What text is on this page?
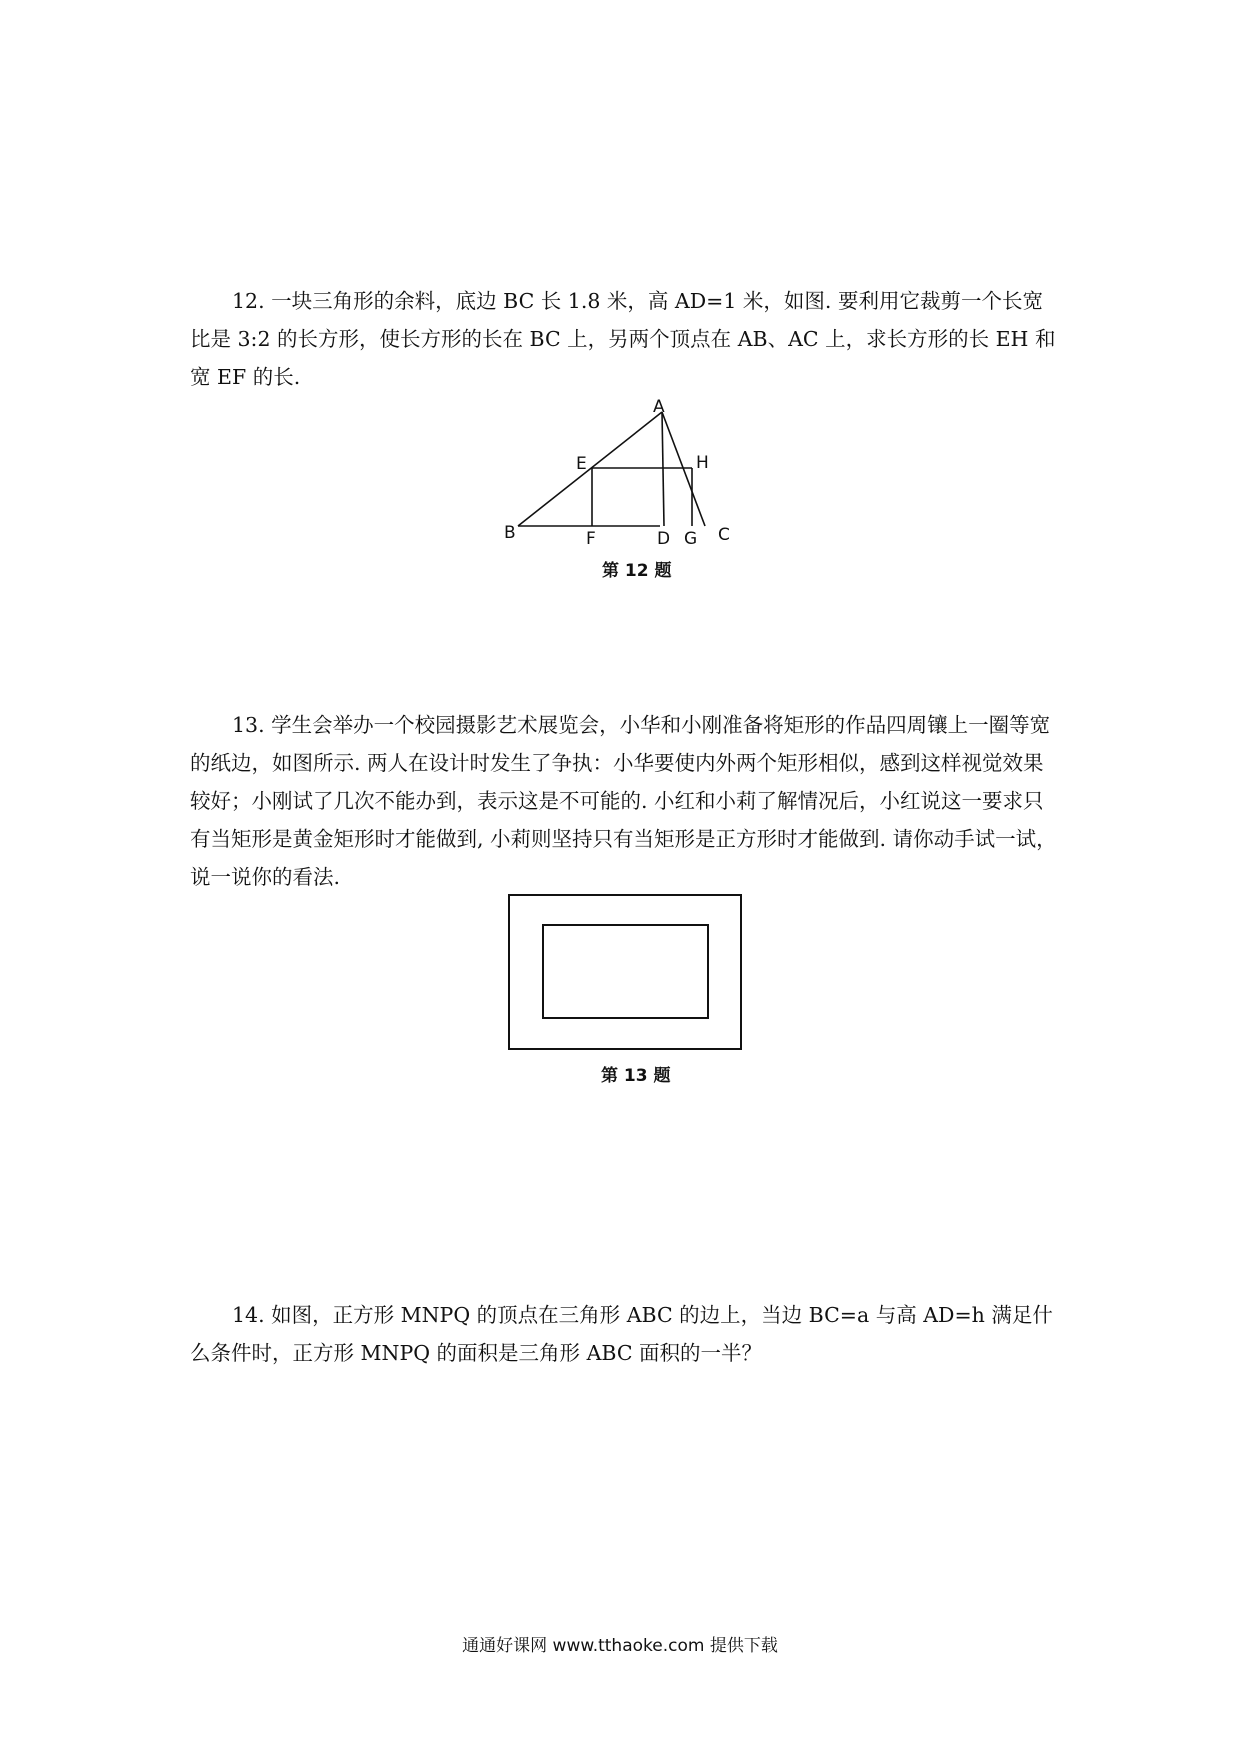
12. 一块三角形的余料，底边 BC 长 1.8 米，高 AD=1 米，如图. 要利用它裁剪一个长宽比是 3:2 的长方形，使长方形的长在 BC 上，另两个顶点在 AB、AC 上，求长方形的长 EH 和宽 EF 的长.

A
E	H
B	F	D G C
第 12 题

13. 学生会举办一个校园摄影艺术展览会，小华和小刚准备将矩形的作品四周镶上一圈等宽的纸边，如图所示. 两人在设计时发生了争执：小华要使内外两个矩形相似，感到这样视觉效果较好；小刚试了几次不能办到，表示这是不可能的. 小红和小莉了解情况后，小红说这一要求只有当矩形是黄金矩形时才能做到, 小莉则坚持只有当矩形是正方形时才能做到. 请你动手试一试，说一说你的看法.

第 13 题

14. 如图，正方形 MNPQ 的顶点在三角形 ABC 的边上，当边 BC=a 与高 AD=h 满足什么条件时，正方形 MNPQ 的面积是三角形 ABC 面积的一半？

通通好课网 www.tthaoke.com 提供下载
